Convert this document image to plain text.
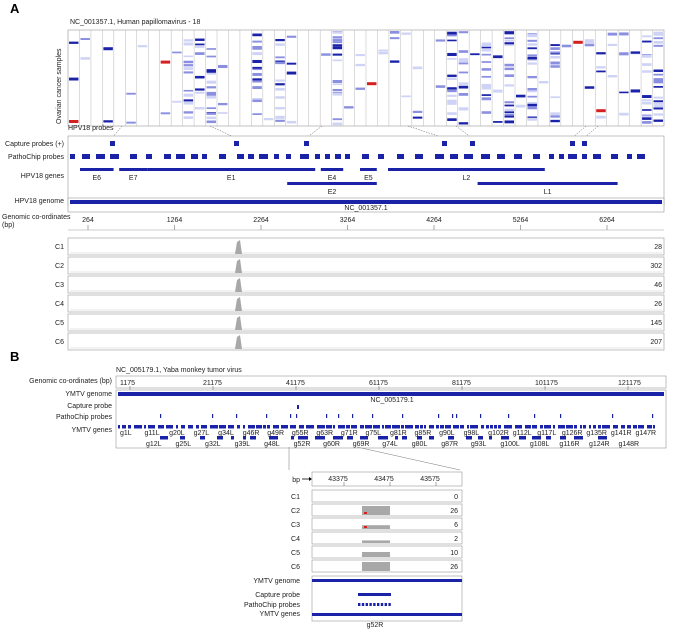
A
NC_001357.1, Human papillomavirus - 18
Ovarian cancer samples
HPV18 probes
Capture probes (+)
PathoChip probes
HPV18 genes	E6	E7	E1	E4	E5	L2
E2	L1
HPV18 genome
NC_001357.1
Genomic co-ordinates
(bp)
264	1264	2264	3264	4264	5264	6264
C1	28
C2	302
C3	46
C4	26
C5	145
C6	207
B
NC_005179.1, Yaba monkey tumor virus
Genomic co-ordinates (bp) 1175	21175	41175	61175	81175	101175	121175
YMTV genome
NC_005179.1
Capture probe
PathoChip probes
YMTV genes g1L g11L g20L g27L g34L g46R g49R g55R g63R g71R g75L g81R g85R g90L g98L g102R g112L g117L g126R g135R g141R g147R
g12L g25L g32L g39L g48L g52R g60R g69R g74L g80L g87R g93L g100L g108L g116R g124R g148R
bp	43375	43475	43575
C1	0
C2	26
C3	6
C4	2
C5	10
C6	26
YMTV genome
Capture probe
PathoChip probes
YMTV genes
g52R
